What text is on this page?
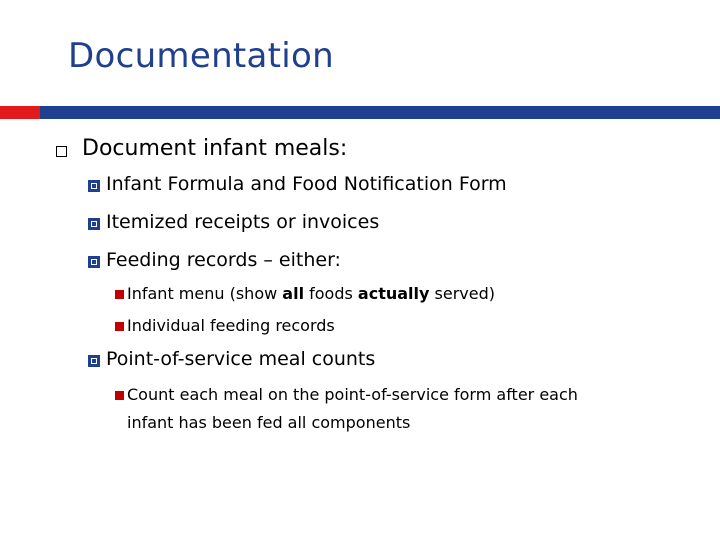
Documentation
Document infant meals:
Infant Formula and Food Notification Form
Itemized receipts or invoices
Feeding records – either:
Infant menu (show all foods actually served)
Individual feeding records
Point-of-service meal counts
Count each meal on the point-of-service form after each
infant has been fed all components
